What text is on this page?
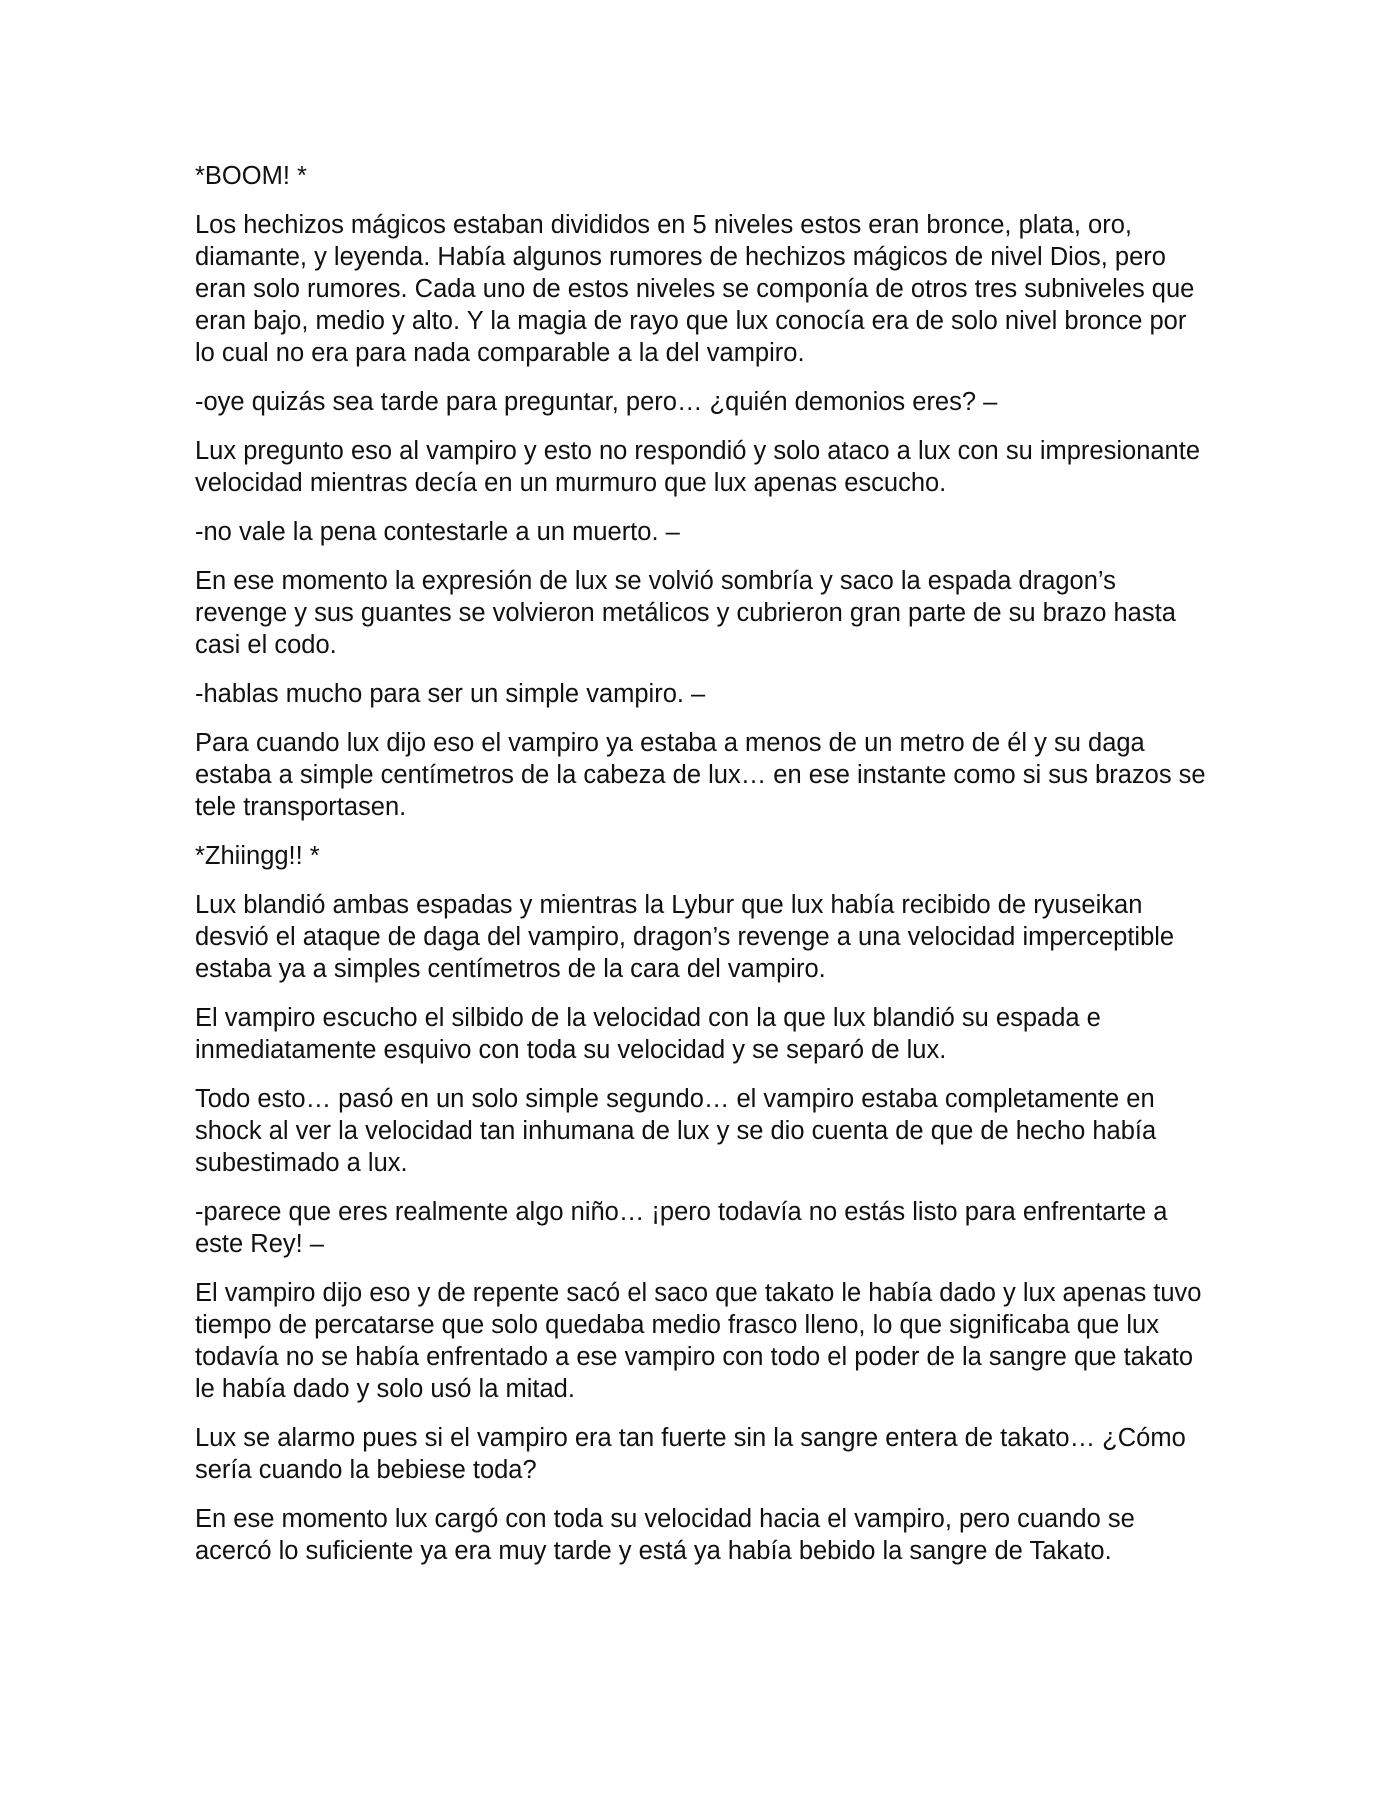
*BOOM! *

Los hechizos mágicos estaban divididos en 5 niveles estos eran bronce, plata, oro, diamante, y leyenda. Había algunos rumores de hechizos mágicos de nivel Dios, pero eran solo rumores. Cada uno de estos niveles se componía de otros tres subniveles que eran bajo, medio y alto. Y la magia de rayo que lux conocía era de solo nivel bronce por lo cual no era para nada comparable a la del vampiro.

-oye quizás sea tarde para preguntar, pero… ¿quién demonios eres? –

Lux pregunto eso al vampiro y esto no respondió y solo ataco a lux con su impresionante velocidad mientras decía en un murmuro que lux apenas escucho.

-no vale la pena contestarle a un muerto. –

En ese momento la expresión de lux se volvió sombría y saco la espada dragon’s revenge y sus guantes se volvieron metálicos y cubrieron gran parte de su brazo hasta casi el codo.

-hablas mucho para ser un simple vampiro. –

Para cuando lux dijo eso el vampiro ya estaba a menos de un metro de él y su daga estaba a simple centímetros de la cabeza de lux… en ese instante como si sus brazos se tele transportasen.

*Zhiingg!! *

Lux blandió ambas espadas y mientras la Lybur que lux había recibido de ryuseikan desvió el ataque de daga del vampiro, dragon’s revenge a una velocidad imperceptible estaba ya a simples centímetros de la cara del vampiro.

El vampiro escucho el silbido de la velocidad con la que lux blandió su espada e inmediatamente esquivo con toda su velocidad y se separó de lux.

Todo esto… pasó en un solo simple segundo… el vampiro estaba completamente en shock al ver la velocidad tan inhumana de lux y se dio cuenta de que de hecho había subestimado a lux.

-parece que eres realmente algo niño… ¡pero todavía no estás listo para enfrentarte a este Rey! –

El vampiro dijo eso y de repente sacó el saco que takato le había dado y lux apenas tuvo tiempo de percatarse que solo quedaba medio frasco lleno, lo que significaba que lux todavía no se había enfrentado a ese vampiro con todo el poder de la sangre que takato le había dado y solo usó la mitad.

Lux se alarmo pues si el vampiro era tan fuerte sin la sangre entera de takato… ¿Cómo sería cuando la bebiese toda?

En ese momento lux cargó con toda su velocidad hacia el vampiro, pero cuando se acercó lo suficiente ya era muy tarde y está ya había bebido la sangre de Takato.
